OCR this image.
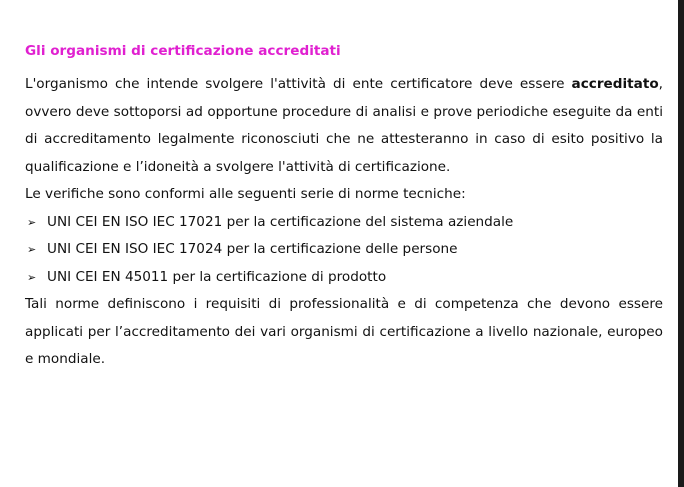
Gli organismi di certificazione accreditati

L'organismo che intende svolgere l'attività di ente certificatore deve essere accreditato, ovvero deve sottoporsi ad opportune procedure di analisi e prove periodiche eseguite da enti di accreditamento legalmente riconosciuti che ne attesteranno in caso di esito positivo la qualificazione e l’idoneità a svolgere l'attività di certificazione.

Le verifiche sono conformi alle seguenti serie di norme tecniche:

➢ UNI CEI EN ISO IEC 17021 per la certificazione del sistema aziendale
➢ UNI CEI EN ISO IEC 17024 per la certificazione delle persone
➢ UNI CEI EN 45011 per la certificazione di prodotto

Tali norme definiscono i requisiti di professionalità e di competenza che devono essere applicati per l’accreditamento dei vari organismi di certificazione a livello nazionale, europeo e mondiale.
